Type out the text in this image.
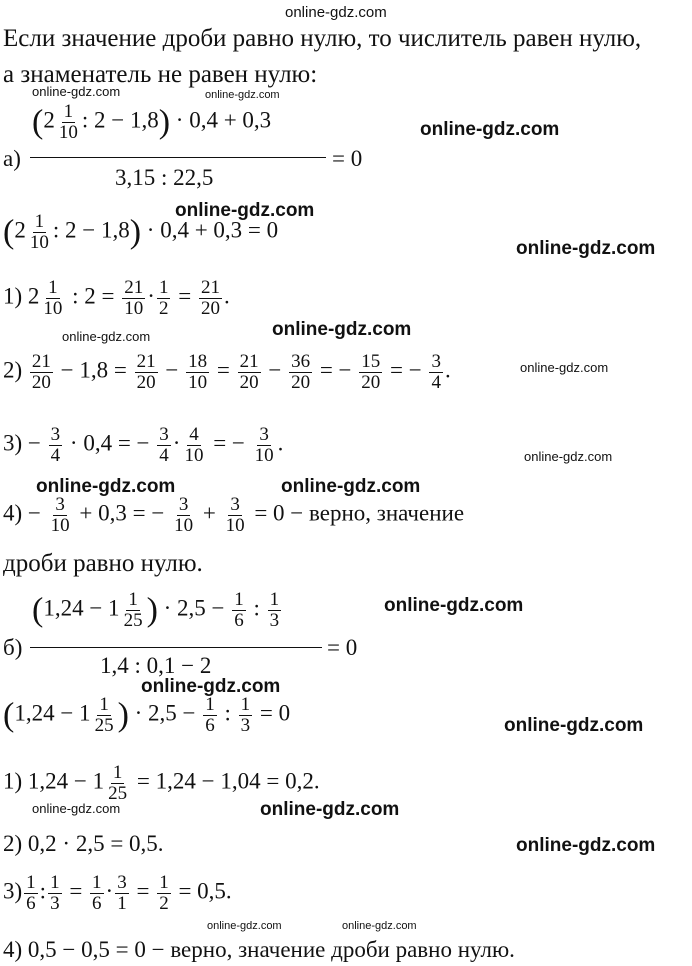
online-gdz.com
online-gdz.com	online-gdz.com
online-gdz.com
online-gdz.com
online-gdz.com
online-gdz.com
online-gdz.com
online-gdz.com
online-gdz.com
online-gdz.com	online-gdz.com
online-gdz.com
online-gdz.com
online-gdz.com
online-gdz.com	online-gdz.com
online-gdz.com
online-gdz.com	online-gdz.com
Если значение дроби равно нулю, то числитель равен нулю,
а знаменатель не равен нулю:
а)
($2 \frac{1}{10}$ : 2 − 1,8) · 0,4 + 0,3
3,15 : 22,5
= 0
($2 \frac{1}{10}$ : 2 − 1,8) · 0,4 + 0,3 = 0
1) $2 \frac{1}{10}$ : $2 = \frac{21}{10} \cdot \frac{1}{2} = \frac{21}{20}$ .
$2) \frac{21}{20} - 1,8 = \frac{21}{20} - \frac{18}{10} = \frac{21}{20} - \frac{36}{20}$ = − $\frac{15}{20}$ = − $\frac{3}{4}$ .
$3) - \frac{3}{4} \cdot 0,4$ = − $\frac{3}{4} \cdot \frac{4}{10}$ = − $\frac{3}{10}$ .
$4) - \frac{3}{10} + 0,3$ = − $\frac{3}{10} + \frac{3}{10} = 0$ − верно, значение
дроби равно нулю.
б)
($1,24 - 1 \frac{1}{25}$ ) · $2,5 - \frac{1}{6}$ : $\frac{1}{3}$
1,4 : 0,1 − 2
= 0
($1,24 - 1 \frac{1}{25}$ ) · $2,5 - \frac{1}{6}$ : $\frac{1}{3} = 0$
1) $1,24 - 1 \frac{1}{25} = 1,24 - 1,04 = 0,2$.
2) 0,2 · 2,5 = 0,5.
$3) \frac{1}{6}$ : $\frac{1}{3} = \frac{1}{6} \cdot \frac{3}{1} = \frac{1}{2} = 0,5$.
4) 0,5 − 0,5 = 0 − верно, значение дроби равно нулю.
